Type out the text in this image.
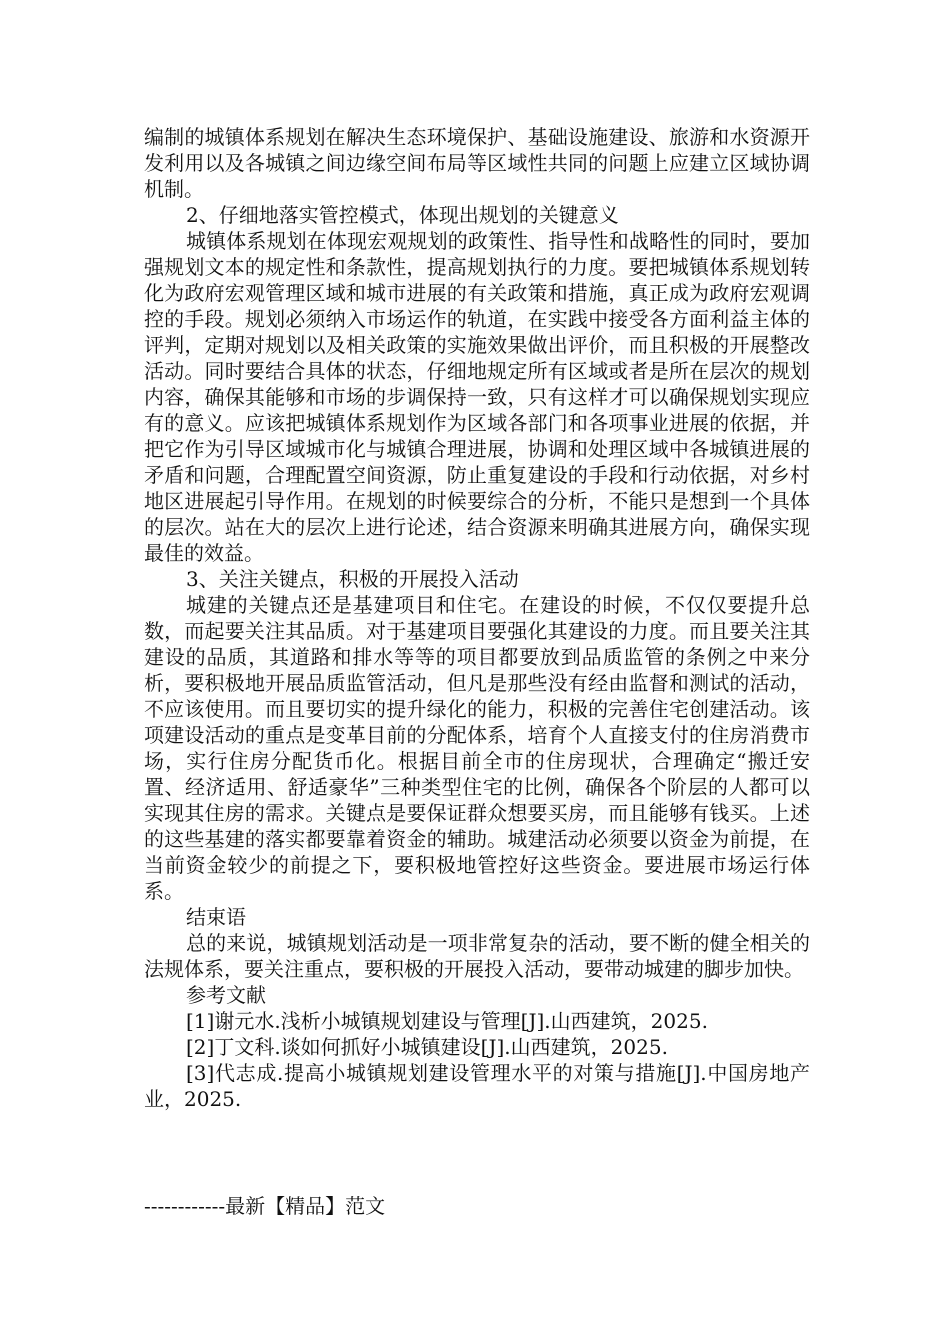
编制的城镇体系规划在解决生态环境保护、基础设施建设、旅游和水资源开发利用以及各城镇之间边缘空间布局等区域性共同的问题上应建立区域协调机制。

2、仔细地落实管控模式，体现出规划的关键意义

城镇体系规划在体现宏观规划的政策性、指导性和战略性的同时，要加强规划文本的规定性和条款性，提高规划执行的力度。要把城镇体系规划转化为政府宏观管理区域和城市进展的有关政策和措施，真正成为政府宏观调控的手段。规划必须纳入市场运作的轨道，在实践中接受各方面利益主体的评判，定期对规划以及相关政策的实施效果做出评价，而且积极的开展整改活动。同时要结合具体的状态，仔细地规定所有区域或者是所在层次的规划内容，确保其能够和市场的步调保持一致，只有这样才可以确保规划实现应有的意义。应该把城镇体系规划作为区域各部门和各项事业进展的依据，并把它作为引导区域城市化与城镇合理进展，协调和处理区域中各城镇进展的矛盾和问题，合理配置空间资源，防止重复建设的手段和行动依据，对乡村地区进展起引导作用。在规划的时候要综合的分析，不能只是想到一个具体的层次。站在大的层次上进行论述，结合资源来明确其进展方向，确保实现最佳的效益。

3、关注关键点，积极的开展投入活动

城建的关键点还是基建项目和住宅。在建设的时候，不仅仅要提升总数，而起要关注其品质。对于基建项目要强化其建设的力度。而且要关注其建设的品质，其道路和排水等等的项目都要放到品质监管的条例之中来分析，要积极地开展品质监管活动，但凡是那些没有经由监督和测试的活动，不应该使用。而且要切实的提升绿化的能力，积极的完善住宅创建活动。该项建设活动的重点是变革目前的分配体系，培育个人直接支付的住房消费市场，实行住房分配货币化。根据目前全市的住房现状，合理确定“搬迁安置、经济适用、舒适豪华”三种类型住宅的比例，确保各个阶层的人都可以实现其住房的需求。关键点是要保证群众想要买房，而且能够有钱买。上述的这些基建的落实都要靠着资金的辅助。城建活动必须要以资金为前提，在当前资金较少的前提之下，要积极地管控好这些资金。要进展市场运行体系。

结束语

总的来说，城镇规划活动是一项非常复杂的活动，要不断的健全相关的法规体系，要关注重点，要积极的开展投入活动，要带动城建的脚步加快。

参考文献

[1]谢元水.浅析小城镇规划建设与管理[J].山西建筑，2025.

[2]丁文科.谈如何抓好小城镇建设[J].山西建筑，2025.

[3]代志成.提高小城镇规划建设管理水平的对策与措施[J].中国房地产业，2025.

------------最新【精品】范文
